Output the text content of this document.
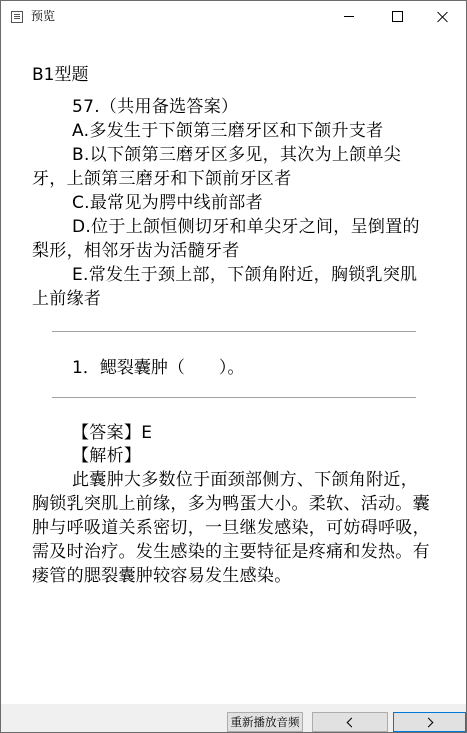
预览
B1型题
57.（共用备选答案）
A.多发生于下颌第三磨牙区和下颌升支者
B.以下颌第三磨牙区多见，其次为上颌单尖牙，上颌第三磨牙和下颌前牙区者
C.最常见为腭中线前部者
D.位于上颌恒侧切牙和单尖牙之间，呈倒置的梨形，相邻牙齿为活髓牙者
E.常发生于颈上部，下颌角附近，胸锁乳突肌上前缘者
1．鳃裂囊肿（　　）。
【答案】E
【解析】
此囊肿大多数位于面颈部侧方、下颌角附近，胸锁乳突肌上前缘，多为鸭蛋大小。柔软、活动。囊肿与呼吸道关系密切，一旦继发感染，可妨碍呼吸，需及时治疗。发生感染的主要特征是疼痛和发热。有瘘管的腮裂囊肿较容易发生感染。
重新播放音频
